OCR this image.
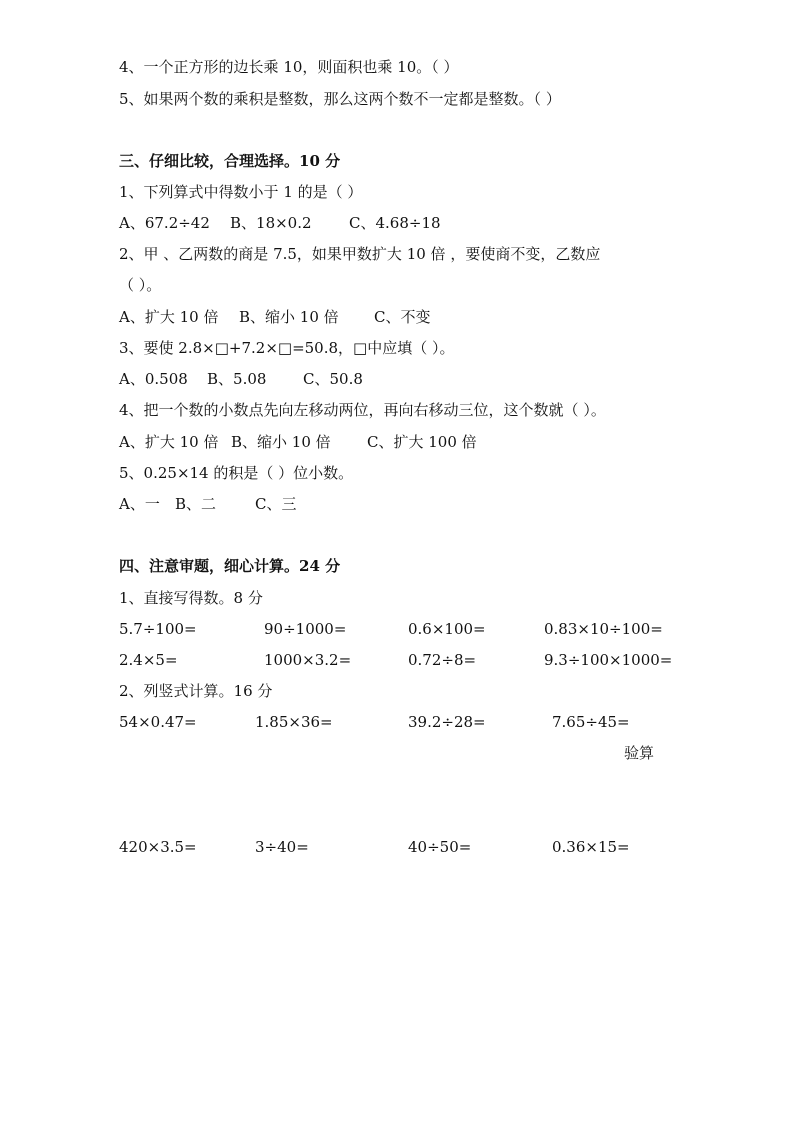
4、一个正方形的边长乘 10，则面积也乘 10。（ ）
5、如果两个数的乘积是整数，那么这两个数不一定都是整数。（ ）
三、仔细比较，合理选择。10 分
1、下列算式中得数小于 1 的是（ ）
A、67.2÷42 B、18×0.2 C、4.68÷18
2、甲 、乙两数的商是 7.5，如果甲数扩大 10 倍 ，要使商不变，乙数应
（ ）。
A、扩大 10 倍 B、缩小 10 倍 C、不变
3、要使 2.8×□+7.2×□=50.8，□中应填（ ）。
A、0.508 B、5.08 C、50.8
4、把一个数的小数点先向左移动两位，再向右移动三位，这个数就（ ）。
A、扩大 10 倍 B、缩小 10 倍 C、扩大 100 倍
5、0.25×14 的积是（ ）位小数。
A、一 B、二	C、三
四、注意审题，细心计算。24 分
1、直接写得数。8 分
5.7÷100=	90÷1000=	0.6×100=	0.83×10÷100=
2.4×5=	1000×3.2=	0.72÷8=	9.3÷100×1000=
2、列竖式计算。16 分
54×0.47=	1.85×36=	39.2÷28=	7.65÷45=
验算
420×3.5=	3÷40=	40÷50=	0.36×15=
